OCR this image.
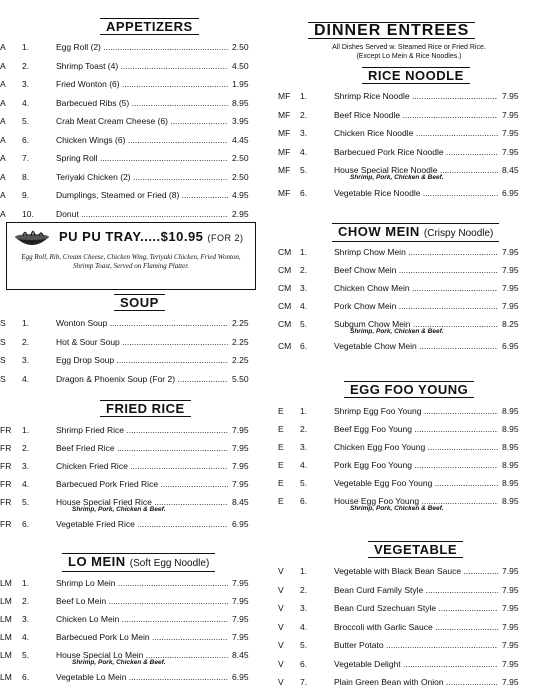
APPETIZERS
A	1.	Egg Roll (2) .....	2.50
A	2.	Shrimp Toast (4) .....	4.50
A	3.	Fried Wonton (6) .....	1.95
A	4.	Barbecued Ribs (5) .....	8.95
A	5.	Crab Meat Cream Cheese (6) .....	3.95
A	6.	Chicken Wings (6) .....	4.45
A	7.	Spring Roll .....	2.50
A	8.	Teriyaki Chicken (2) .....	2.50
A	9.	Dumplings, Steamed or Fried (8) .....	4.95
A	10.	Donut .....	2.95
PU PU TRAY.....$10.95 (FOR 2)
Egg Roll, Rib, Cream Cheese, Chicken Wing, Teriyaki Chicken, Fried Wonton, Shrimp Toast, Served on Flaming Platter.
SOUP
S	1.	Wonton Soup .....	2.25
S	2.	Hot & Sour Soup .....	2.25
S	3.	Egg Drop Soup .....	2.25
S	4.	Dragon & Phoenix Soup (For 2) .....	5.50
FRIED RICE
FR	1.	Shrimp Fried Rice .....	7.95
FR	2.	Beef Fried Rice .....	7.95
FR	3.	Chicken Fried Rice .....	7.95
FR	4.	Barbecued Pork Fried Rice .....	7.95
FR	5.	House Special Fried Rice .....	8.45
Shrimp, Pork, Chicken & Beef.
FR	6.	Vegetable Fried Rice .....	6.95
LO MEIN (Soft Egg Noodle)
LM	1.	Shrimp Lo Mein .....	7.95
LM	2.	Beef Lo Mein .....	7.95
LM	3.	Chicken Lo Mein .....	7.95
LM	4.	Barbecued Pork Lo Mein .....	7.95
LM	5.	House Special Lo Mein .....	8.45
Shrimp, Pork, Chicken & Beef.
LM	6.	Vegetable Lo Mein .....	6.95
DINNER ENTREES
All Dishes Served w. Steamed Rice or Fried Rice.
(Except Lo Mein & Rice Noodles.)
RICE NOODLE
MF	1.	Shrimp Rice Noodle .....	7.95
MF	2.	Beef Rice Noodle .....	7.95
MF	3.	Chicken Rice Noodle .....	7.95
MF	4.	Barbecued Pork Rice Noodle .....	7.95
MF	5.	House Special Rice Noodle .....	8.45
Shrimp, Pork, Chicken & Beef.
MF	6.	Vegetable Rice Noodle .....	6.95
CHOW MEIN (Crispy Noodle)
CM	1.	Shrimp Chow Mein .....	7.95
CM	2.	Beef Chow Mein .....	7.95
CM	3.	Chicken Chow Mein .....	7.95
CM	4.	Pork Chow Mein .....	7.95
CM	5.	Subgum Chow Mein .....	8.25
Shrimp, Pork, Chicken & Beef.
CM	6.	Vegetable Chow Mein .....	6.95
EGG FOO YOUNG
E	1.	Shrimp Egg Foo Young .....	8.95
E	2.	Beef Egg Foo Young .....	8.95
E	3.	Chicken Egg Foo Young .....	8.95
E	4.	Pork Egg Foo Young .....	8.95
E	5.	Vegetable Egg Foo Young .....	8.95
E	6.	House Egg Foo Young .....	8.95
Shrimp, Pork, Chicken & Beef.
VEGETABLE
V	1.	Vegetable with Black Bean Sauce .....	7.95
V	2.	Bean Curd Family Style .....	7.95
V	3.	Bean Curd Szechuan Style .....	7.95
V	4.	Broccoli with Garlic Sauce .....	7.95
V	5.	Butter Potato .....	7.95
V	6.	Vegetable Delight .....	7.95
V	7.	Plain Green Bean with Onion .....	7.95
